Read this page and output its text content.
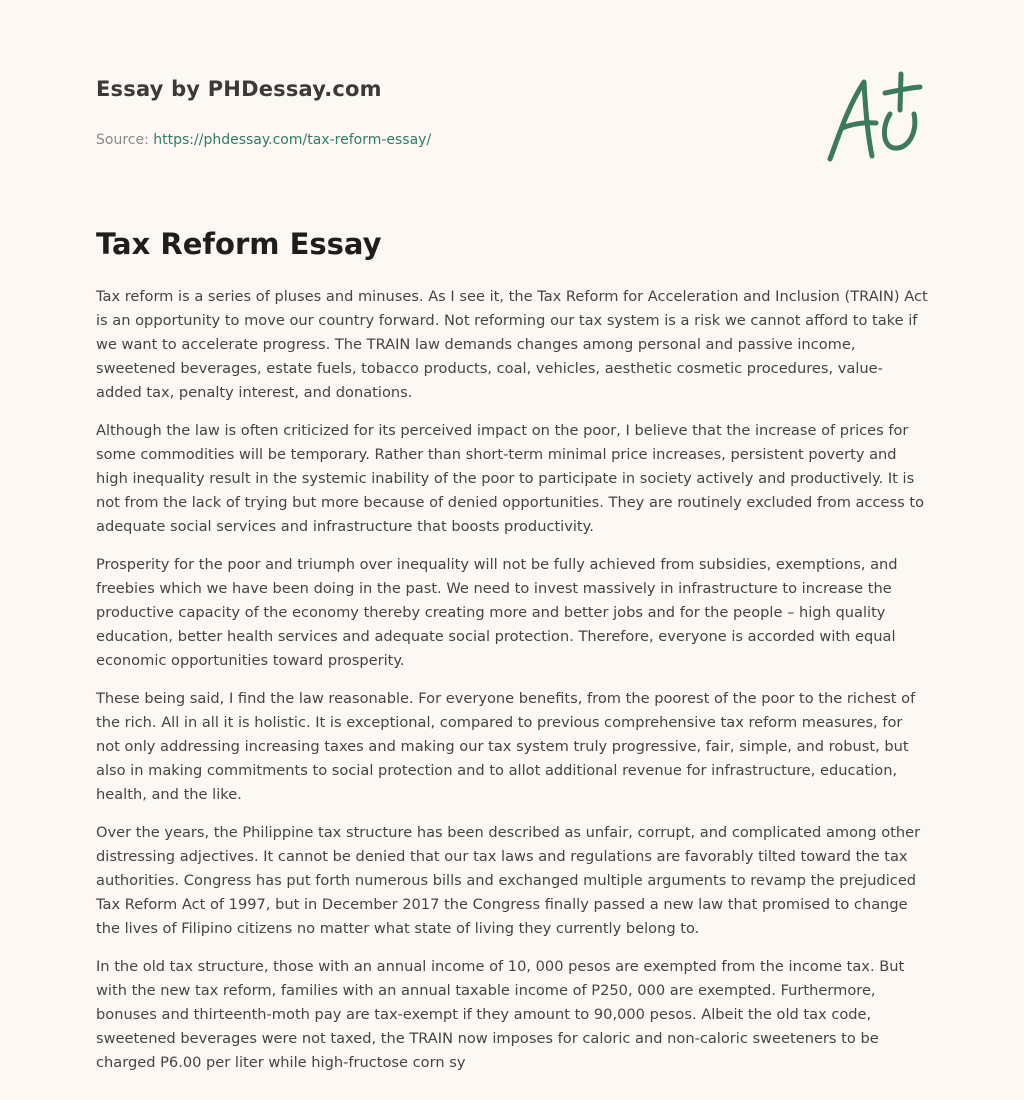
Essay by PHDessay.com

Source: https://phdessay.com/tax-reform-essay/
Tax Reform Essay

Tax reform is a series of pluses and minuses. As I see it, the Tax Reform for Acceleration and Inclusion (TRAIN) Act is an opportunity to move our country forward. Not reforming our tax system is a risk we cannot afford to take if we want to accelerate progress. The TRAIN law demands changes among personal and passive income, sweetened beverages, estate fuels, tobacco products, coal, vehicles, aesthetic cosmetic procedures, value-added tax, penalty interest, and donations.

Although the law is often criticized for its perceived impact on the poor, I believe that the increase of prices for some commodities will be temporary. Rather than short-term minimal price increases, persistent poverty and high inequality result in the systemic inability of the poor to participate in society actively and productively. It is not from the lack of trying but more because of denied opportunities. They are routinely excluded from access to adequate social services and infrastructure that boosts productivity.

Prosperity for the poor and triumph over inequality will not be fully achieved from subsidies, exemptions, and freebies which we have been doing in the past. We need to invest massively in infrastructure to increase the productive capacity of the economy thereby creating more and better jobs and for the people – high quality education, better health services and adequate social protection. Therefore, everyone is accorded with equal economic opportunities toward prosperity.

These being said, I find the law reasonable. For everyone benefits, from the poorest of the poor to the richest of the rich. All in all it is holistic. It is exceptional, compared to previous comprehensive tax reform measures, for not only addressing increasing taxes and making our tax system truly progressive, fair, simple, and robust, but also in making commitments to social protection and to allot additional revenue for infrastructure, education, health, and the like.

Over the years, the Philippine tax structure has been described as unfair, corrupt, and complicated among other distressing adjectives. It cannot be denied that our tax laws and regulations are favorably tilted toward the tax authorities. Congress has put forth numerous bills and exchanged multiple arguments to revamp the prejudiced Tax Reform Act of 1997, but in December 2017 the Congress finally passed a new law that promised to change the lives of Filipino citizens no matter what state of living they currently belong to.

In the old tax structure, those with an annual income of 10, 000 pesos are exempted from the income tax. But with the new tax reform, families with an annual taxable income of P250, 000 are exempted. Furthermore, bonuses and thirteenth-moth pay are tax-exempt if they amount to 90,000 pesos. Albeit the old tax code, sweetened beverages were not taxed, the TRAIN now imposes for caloric and non-caloric sweeteners to be charged P6.00 per liter while high-fructose corn sy
